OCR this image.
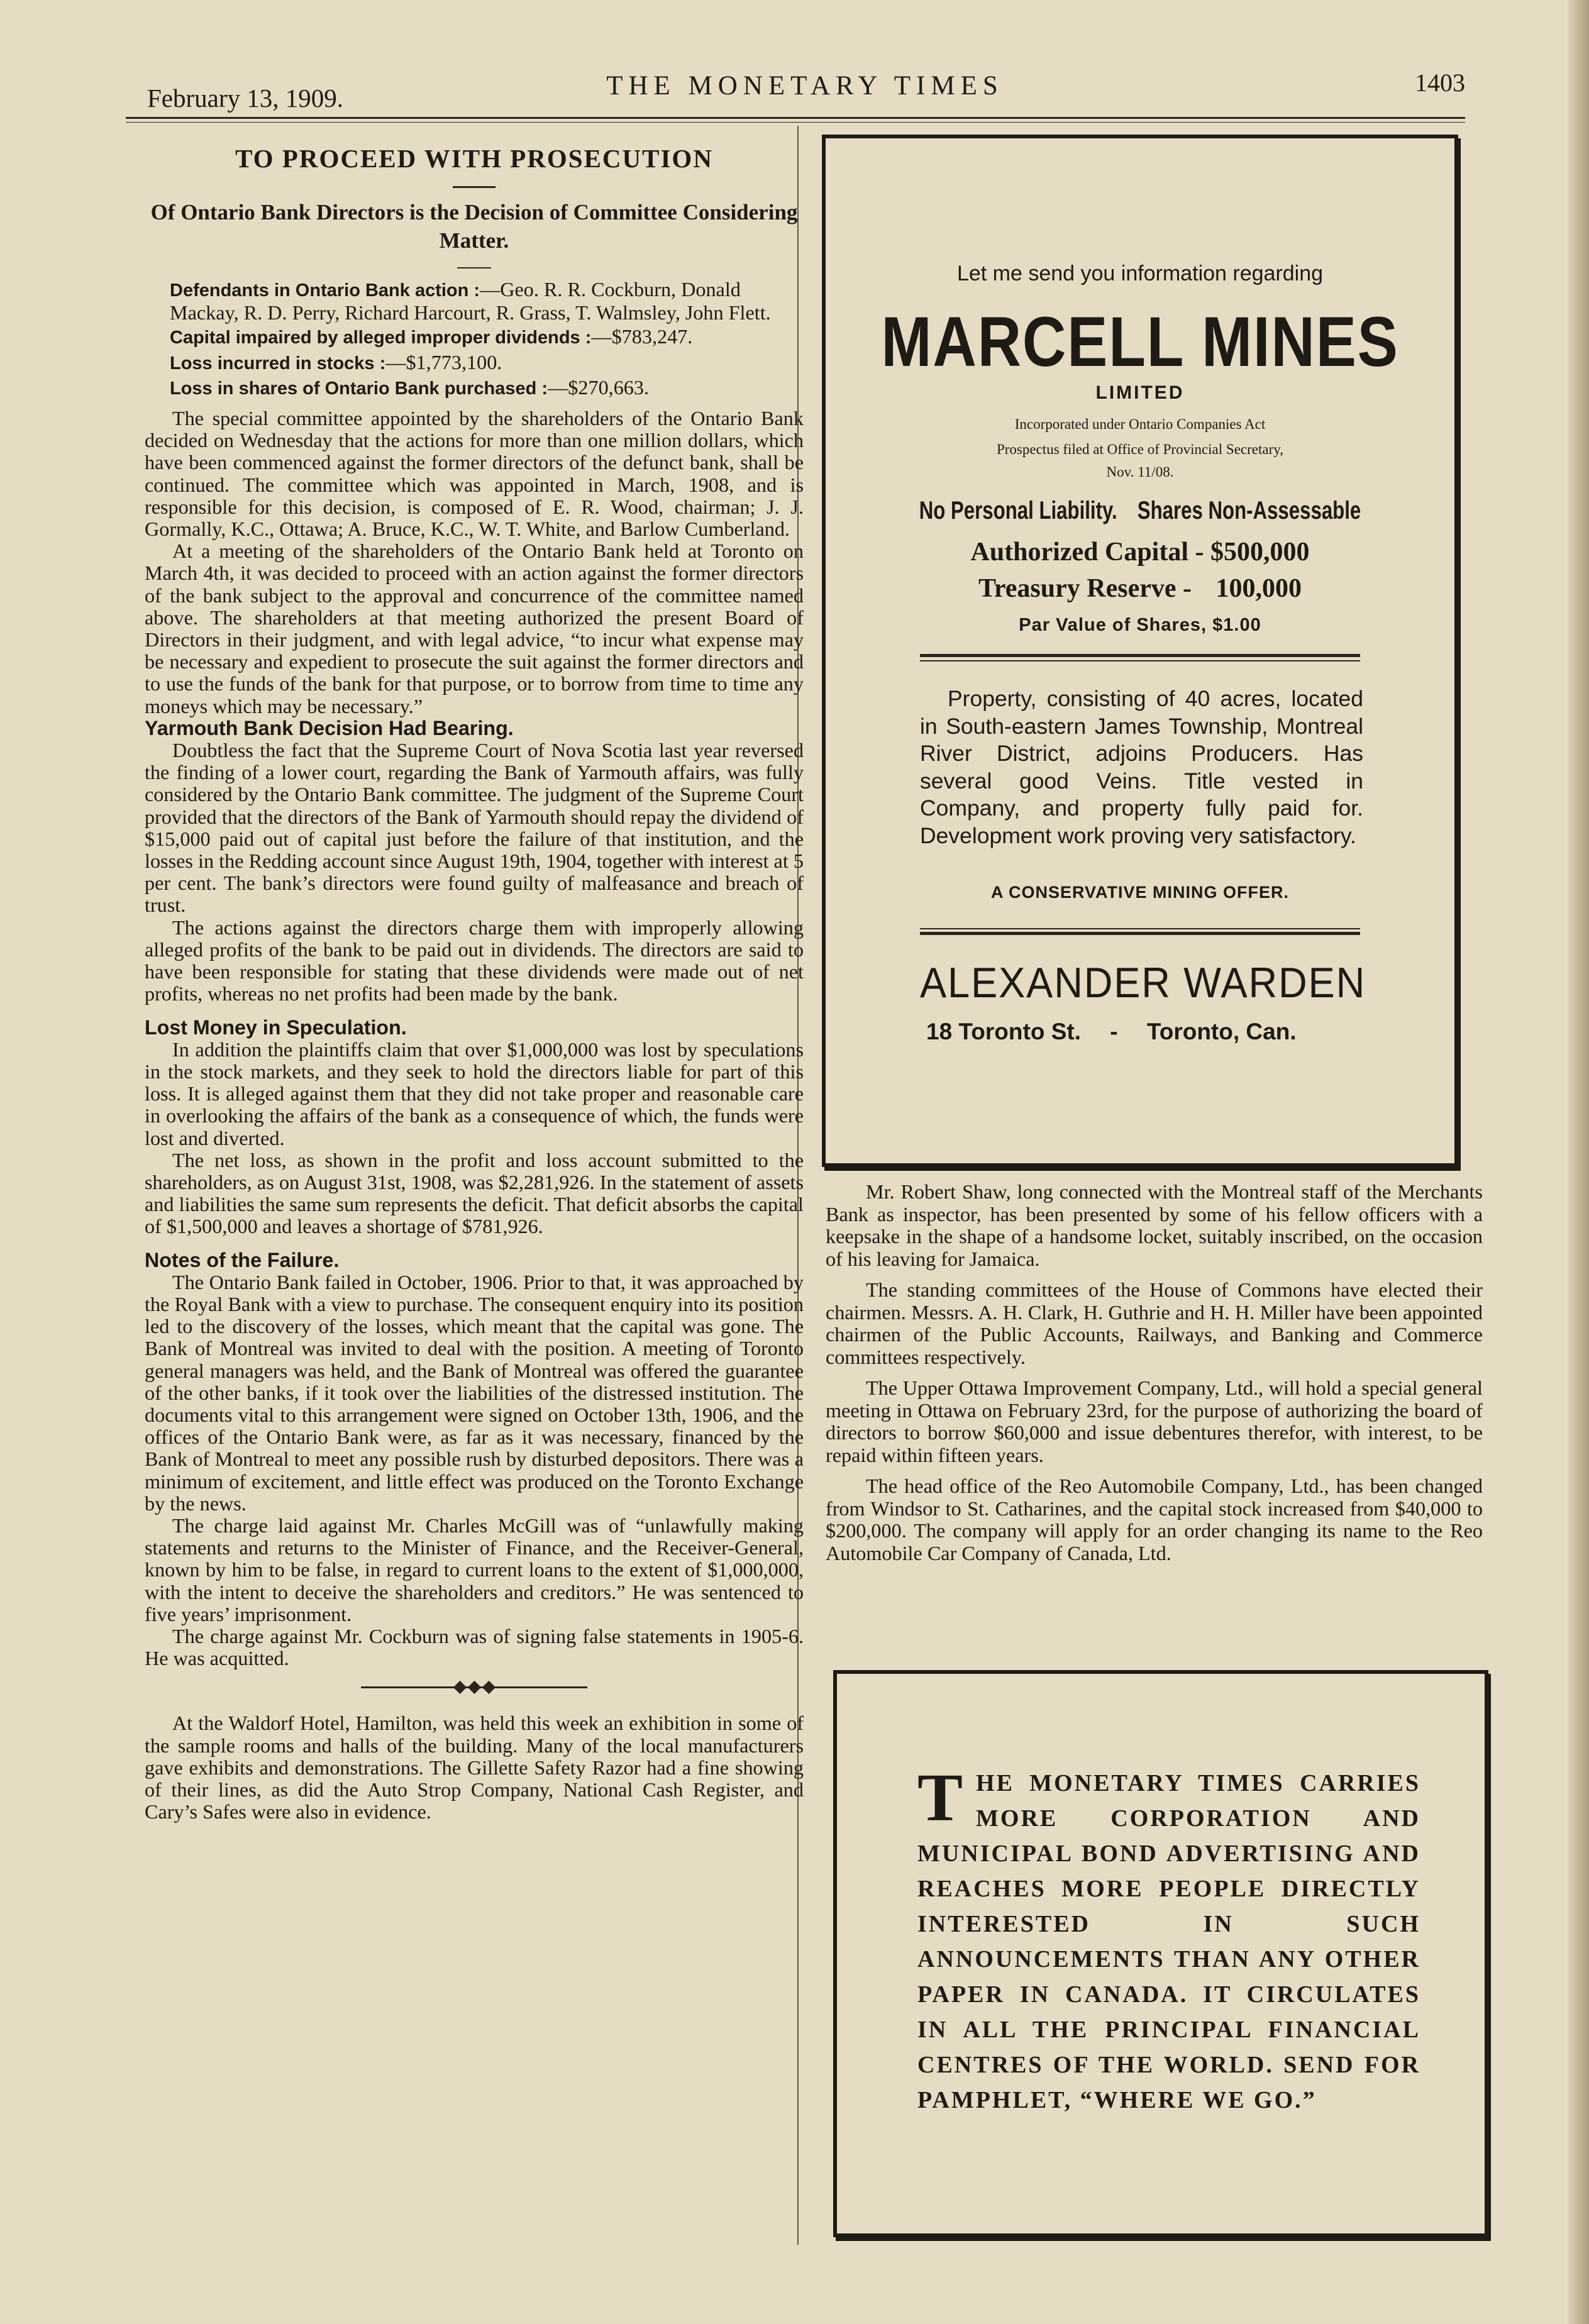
February 13, 1909.	THE MONETARY TIMES	1403
TO PROCEED WITH PROSECUTION
Of Ontario Bank Directors is the Decision of Committee Considering Matter.

Defendants in Ontario Bank action :—Geo. R. R. Cockburn, Donald Mackay, R. D. Perry, Richard Harcourt, R. Grass, T. Walmsley, John Flett.

Capital impaired by alleged improper dividends :—$783,247.

Loss incurred in stocks :—$1,773,100.

Loss in shares of Ontario Bank purchased :—$270,663.

The special committee appointed by the shareholders of the Ontario Bank decided on Wednesday that the actions for more than one million dollars, which have been commenced against the former directors of the defunct bank, shall be continued. The committee which was appointed in March, 1908, and is responsible for this decision, is composed of E. R. Wood, chairman; J. J. Gormally, K.C., Ottawa; A. Bruce, K.C., W. T. White, and Barlow Cumberland.

At a meeting of the shareholders of the Ontario Bank held at Toronto on March 4th, it was decided to proceed with an action against the former directors of the bank subject to the approval and concurrence of the committee named above. The shareholders at that meeting authorized the present Board of Directors in their judgment, and with legal advice, “to incur what expense may be necessary and expedient to prosecute the suit against the former directors and to use the funds of the bank for that purpose, or to borrow from time to time any moneys which may be necessary.”

Yarmouth Bank Decision Had Bearing.

Doubtless the fact that the Supreme Court of Nova Scotia last year reversed the finding of a lower court, regarding the Bank of Yarmouth affairs, was fully considered by the Ontario Bank committee. The judgment of the Supreme Court provided that the directors of the Bank of Yarmouth should repay the dividend of $15,000 paid out of capital just before the failure of that institution, and the losses in the Redding account since August 19th, 1904, together with interest at 5 per cent. The bank’s directors were found guilty of malfeasance and breach of trust.

The actions against the directors charge them with improperly allowing alleged profits of the bank to be paid out in dividends. The directors are said to have been responsible for stating that these dividends were made out of net profits, whereas no net profits had been made by the bank.

Lost Money in Speculation.

In addition the plaintiffs claim that over $1,000,000 was lost by speculations in the stock markets, and they seek to hold the directors liable for part of this loss. It is alleged against them that they did not take proper and reasonable care in overlooking the affairs of the bank as a consequence of which, the funds were lost and diverted.

The net loss, as shown in the profit and loss account submitted to the shareholders, as on August 31st, 1908, was $2,281,926. In the statement of assets and liabilities the same sum represents the deficit. That deficit absorbs the capital of $1,500,000 and leaves a shortage of $781,926.

Notes of the Failure.

The Ontario Bank failed in October, 1906. Prior to that, it was approached by the Royal Bank with a view to purchase. The consequent enquiry into its position led to the discovery of the losses, which meant that the capital was gone. The Bank of Montreal was invited to deal with the position. A meeting of Toronto general managers was held, and the Bank of Montreal was offered the guarantee of the other banks, if it took over the liabilities of the distressed institution. The documents vital to this arrangement were signed on October 13th, 1906, and the offices of the Ontario Bank were, as far as it was necessary, financed by the Bank of Montreal to meet any possible rush by disturbed depositors. There was a minimum of excitement, and little effect was produced on the Toronto Exchange by the news.

The charge laid against Mr. Charles McGill was of “unlawfully making statements and returns to the Minister of Finance, and the Receiver-General, known by him to be false, in regard to current loans to the extent of $1,000,000, with the intent to deceive the shareholders and creditors.” He was sentenced to five years’ imprisonment.

The charge against Mr. Cockburn was of signing false statements in 1905-6. He was acquitted.

At the Waldorf Hotel, Hamilton, was held this week an exhibition in some of the sample rooms and halls of the building. Many of the local manufacturers gave exhibits and demonstrations. The Gillette Safety Razor had a fine showing of their lines, as did the Auto Strop Company, National Cash Register, and Cary’s Safes were also in evidence.

Let me send you information regarding
MARCELL MINES
LIMITED
Incorporated under Ontario Companies Act
Prospectus filed at Office of Provincial Secretary,
Nov. 11/08.
No Personal Liability. Shares Non-Assessable
Authorized Capital - $500,000
Treasury Reserve - 100,000
Par Value of Shares, $1.00
Property, consisting of 40 acres, located in South-eastern James Township, Montreal River District, adjoins Producers. Has several good Veins. Title vested in Company, and property fully paid for. Development work proving very satisfactory.
A CONSERVATIVE MINING OFFER.
ALEXANDER WARDEN
18 Toronto St. - Toronto, Can.

Mr. Robert Shaw, long connected with the Montreal staff of the Merchants Bank as inspector, has been presented by some of his fellow officers with a keepsake in the shape of a handsome locket, suitably inscribed, on the occasion of his leaving for Jamaica.

The standing committees of the House of Commons have elected their chairmen. Messrs. A. H. Clark, H. Guthrie and H. H. Miller have been appointed chairmen of the Public Accounts, Railways, and Banking and Commerce committees respectively.

The Upper Ottawa Improvement Company, Ltd., will hold a special general meeting in Ottawa on February 23rd, for the purpose of authorizing the board of directors to borrow $60,000 and issue debentures therefor, with interest, to be repaid within fifteen years.

The head office of the Reo Automobile Company, Ltd., has been changed from Windsor to St. Catharines, and the capital stock increased from $40,000 to $200,000. The company will apply for an order changing its name to the Reo Automobile Car Company of Canada, Ltd.

THE MONETARY TIMES CARRIES MORE CORPORATION AND MUNICIPAL BOND ADVERTISING AND REACHES MORE PEOPLE DIRECTLY INTERESTED IN SUCH ANNOUNCEMENTS THAN ANY OTHER PAPER IN CANADA. IT CIRCULATES IN ALL THE PRINCIPAL FINANCIAL CENTRES OF THE WORLD. SEND FOR PAMPHLET, “WHERE WE GO.”
